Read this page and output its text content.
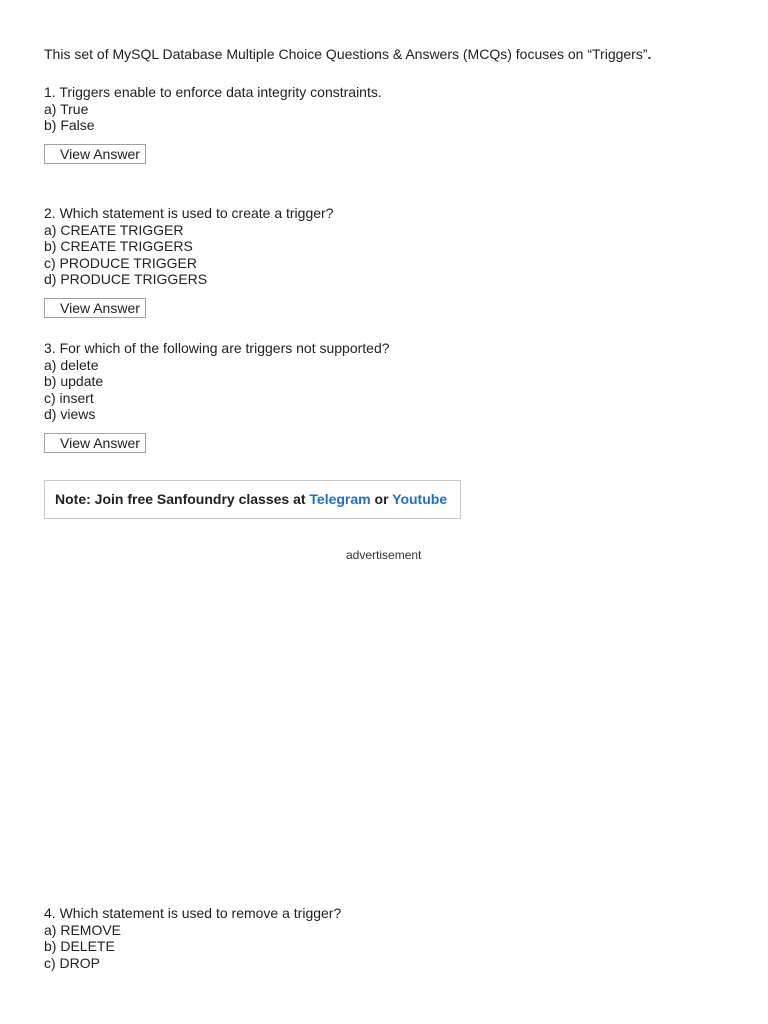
This set of MySQL Database Multiple Choice Questions & Answers (MCQs) focuses on “Triggers”.
1. Triggers enable to enforce data integrity constraints.
a) True
b) False
View Answer
2. Which statement is used to create a trigger?
a) CREATE TRIGGER
b) CREATE TRIGGERS
c) PRODUCE TRIGGER
d) PRODUCE TRIGGERS
View Answer
3. For which of the following are triggers not supported?
a) delete
b) update
c) insert
d) views
View Answer
Note: Join free Sanfoundry classes at Telegram or Youtube
advertisement
4. Which statement is used to remove a trigger?
a) REMOVE
b) DELETE
c) DROP
